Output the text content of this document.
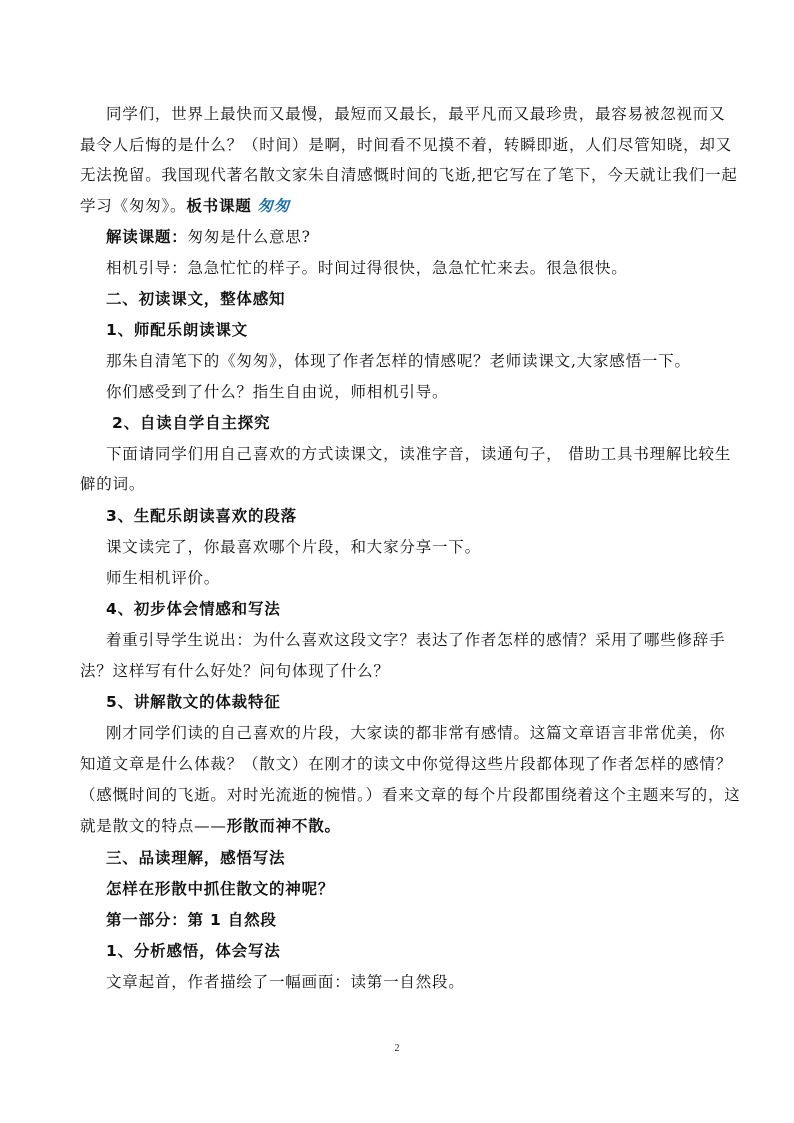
同学们，世界上最快而又最慢，最短而又最长，最平凡而又最珍贵，最容易被忽视而又
最令人后悔的是什么？（时间）是啊，时间看不见摸不着，转瞬即逝，人们尽管知晓，却又
无法挽留。我国现代著名散文家朱自清感慨时间的飞逝,把它写在了笔下，今天就让我们一起
学习《匆匆》。板书课题 匆匆
解读课题：匆匆是什么意思?
相机引导：急急忙忙的样子。时间过得很快，急急忙忙来去。很急很快。
二、初读课文，整体感知
1、师配乐朗读课文
那朱自清笔下的《匆匆》，体现了作者怎样的情感呢？老师读课文,大家感悟一下。
你们感受到了什么？指生自由说，师相机引导。
2、自读自学自主探究
下面请同学们用自己喜欢的方式读课文，读准字音，读通句子， 借助工具书理解比较生
僻的词。
3、生配乐朗读喜欢的段落
课文读完了，你最喜欢哪个片段，和大家分享一下。
师生相机评价。
4、初步体会情感和写法
着重引导学生说出：为什么喜欢这段文字？表达了作者怎样的感情？采用了哪些修辞手
法？这样写有什么好处？问句体现了什么？
5、讲解散文的体裁特征
刚才同学们读的自己喜欢的片段，大家读的都非常有感情。这篇文章语言非常优美，你
知道文章是什么体裁？（散文）在刚才的读文中你觉得这些片段都体现了作者怎样的感情？
（感慨时间的飞逝。对时光流逝的惋惜。）看来文章的每个片段都围绕着这个主题来写的，这
就是散文的特点——形散而神不散。
三、品读理解，感悟写法
怎样在形散中抓住散文的神呢？
第一部分：第 1 自然段
1、分析感悟，体会写法
文章起首，作者描绘了一幅画面：读第一自然段。
2
